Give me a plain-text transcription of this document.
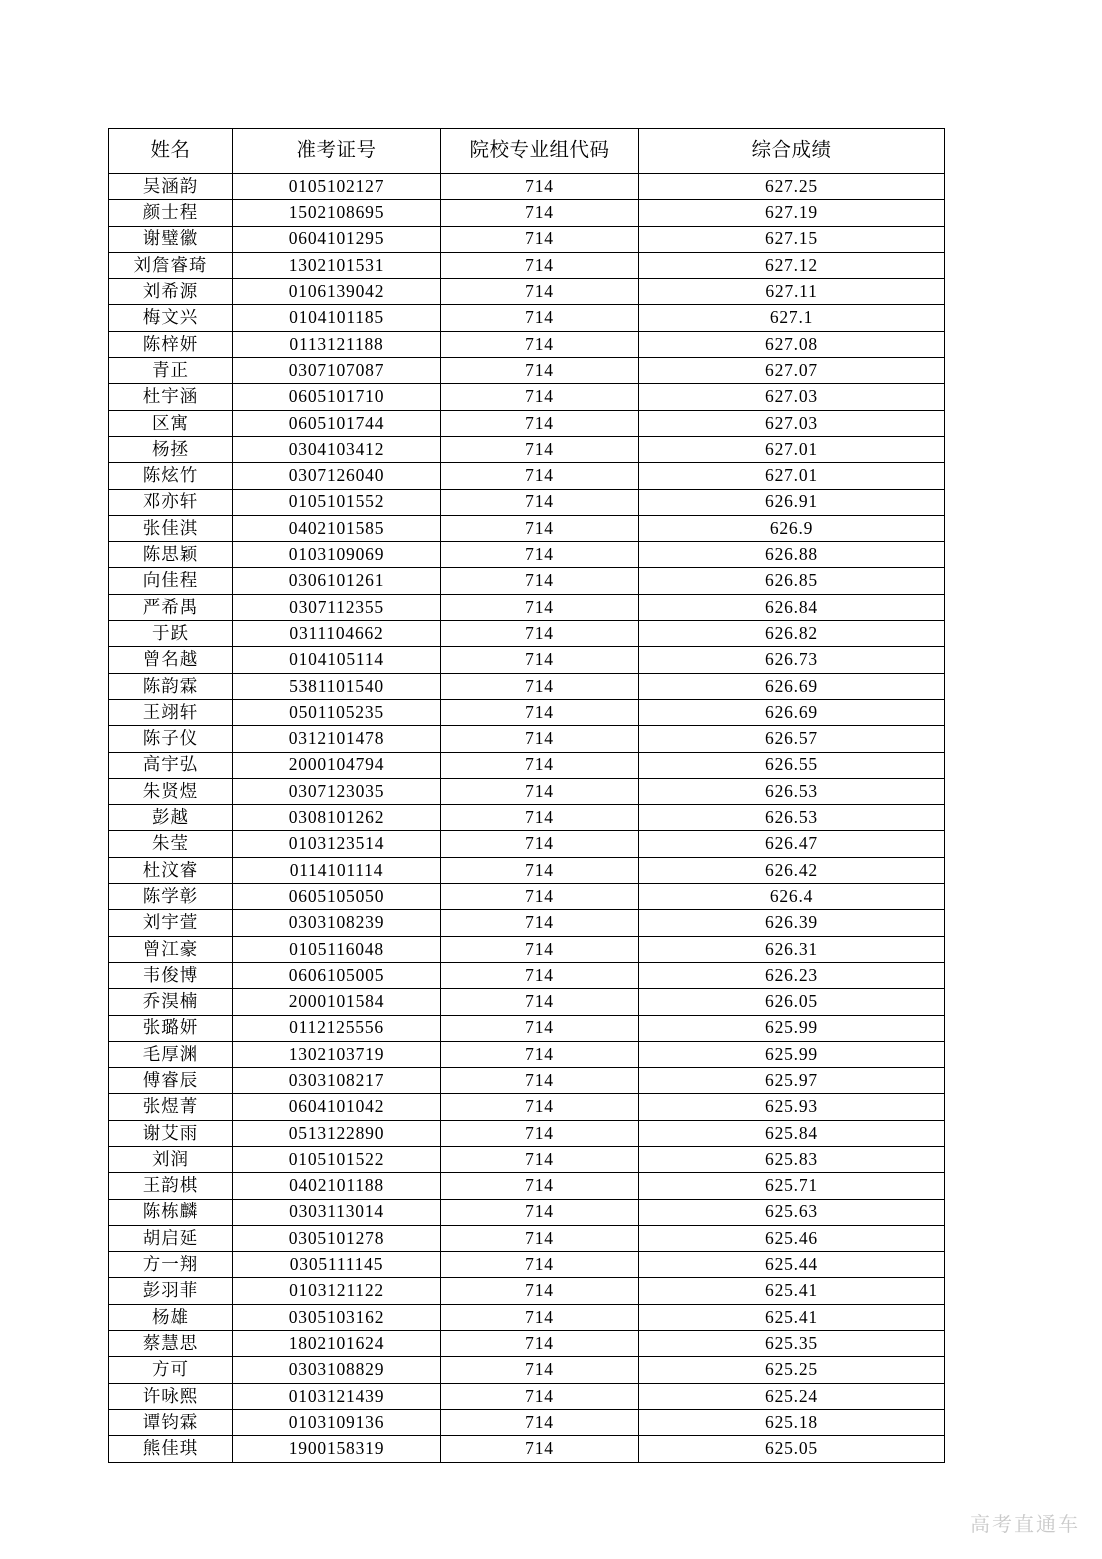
姓名	准考证号	院校专业组代码	综合成绩
吴涵韵	0105102127	714	627.25
颜士程	1502108695	714	627.19
谢璧徽	0604101295	714	627.15
刘詹睿琦	1302101531	714	627.12
刘希源	0106139042	714	627.11
梅文兴	0104101185	714	627.1
陈梓妍	0113121188	714	627.08
青正	0307107087	714	627.07
杜宇涵	0605101710	714	627.03
区寓	0605101744	714	627.03
杨拯	0304103412	714	627.01
陈炫竹	0307126040	714	627.01
邓亦轩	0105101552	714	626.91
张佳淇	0402101585	714	626.9
陈思颖	0103109069	714	626.88
向佳程	0306101261	714	626.85
严希禺	0307112355	714	626.84
于跃	0311104662	714	626.82
曾名越	0104105114	714	626.73
陈韵霖	5381101540	714	626.69
王翊轩	0501105235	714	626.69
陈子仪	0312101478	714	626.57
高宇弘	2000104794	714	626.55
朱贤煜	0307123035	714	626.53
彭越	0308101262	714	626.53
朱莹	0103123514	714	626.47
杜汶睿	0114101114	714	626.42
陈学彰	0605105050	714	626.4
刘宇萱	0303108239	714	626.39
曾江豪	0105116048	714	626.31
韦俊博	0606105005	714	626.23
乔淏楠	2000101584	714	626.05
张璐妍	0112125556	714	625.99
毛厚渊	1302103719	714	625.99
傅睿辰	0303108217	714	625.97
张煜菁	0604101042	714	625.93
谢艾雨	0513122890	714	625.84
刘润	0105101522	714	625.83
王韵棋	0402101188	714	625.71
陈栋麟	0303113014	714	625.63
胡启延	0305101278	714	625.46
方一翔	0305111145	714	625.44
彭羽菲	0103121122	714	625.41
杨雄	0305103162	714	625.41
蔡慧思	1802101624	714	625.35
方可	0303108829	714	625.25
许咏熙	0103121439	714	625.24
谭钧霖	0103109136	714	625.18
熊佳琪	1900158319	714	625.05
高考直通车
